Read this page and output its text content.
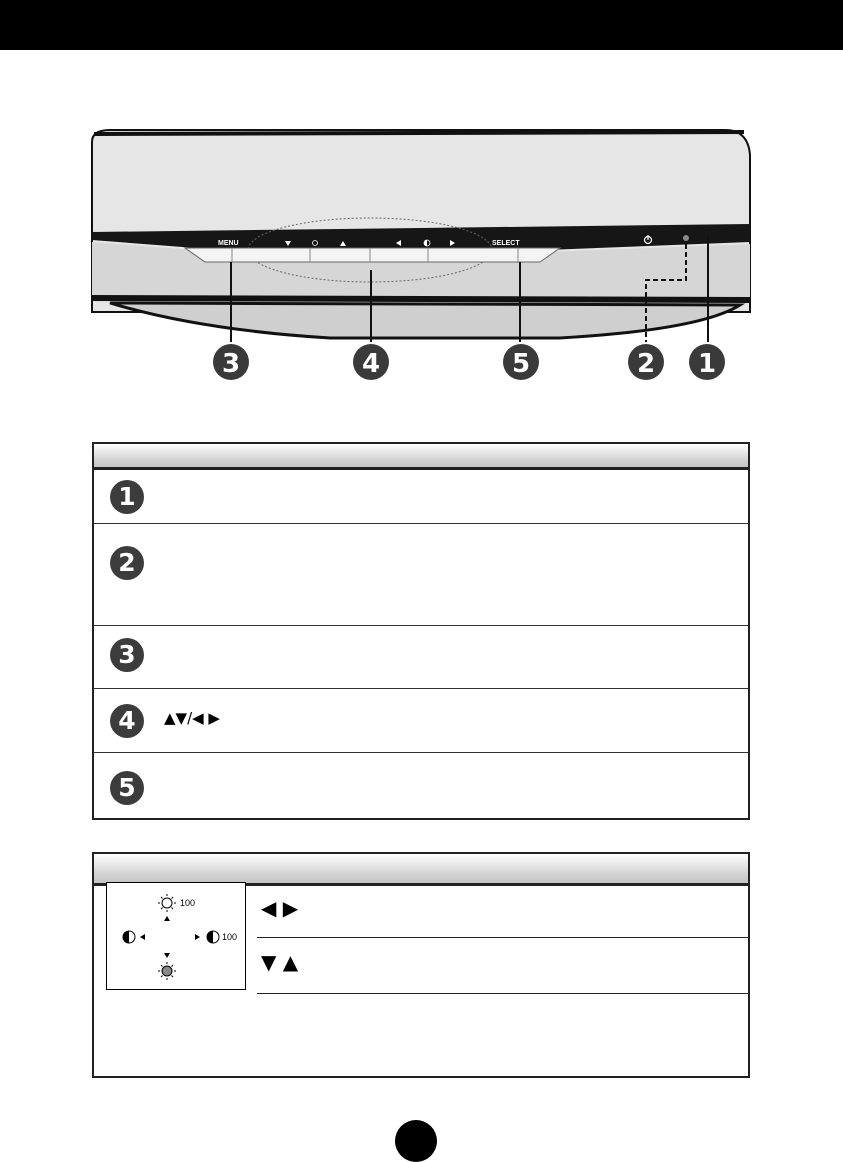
MENU	SELECT
3	4	5	2 1
1
2
3
4	▲▼/◀ ▶
5
100
100
◀ ▶
▼ ▲
